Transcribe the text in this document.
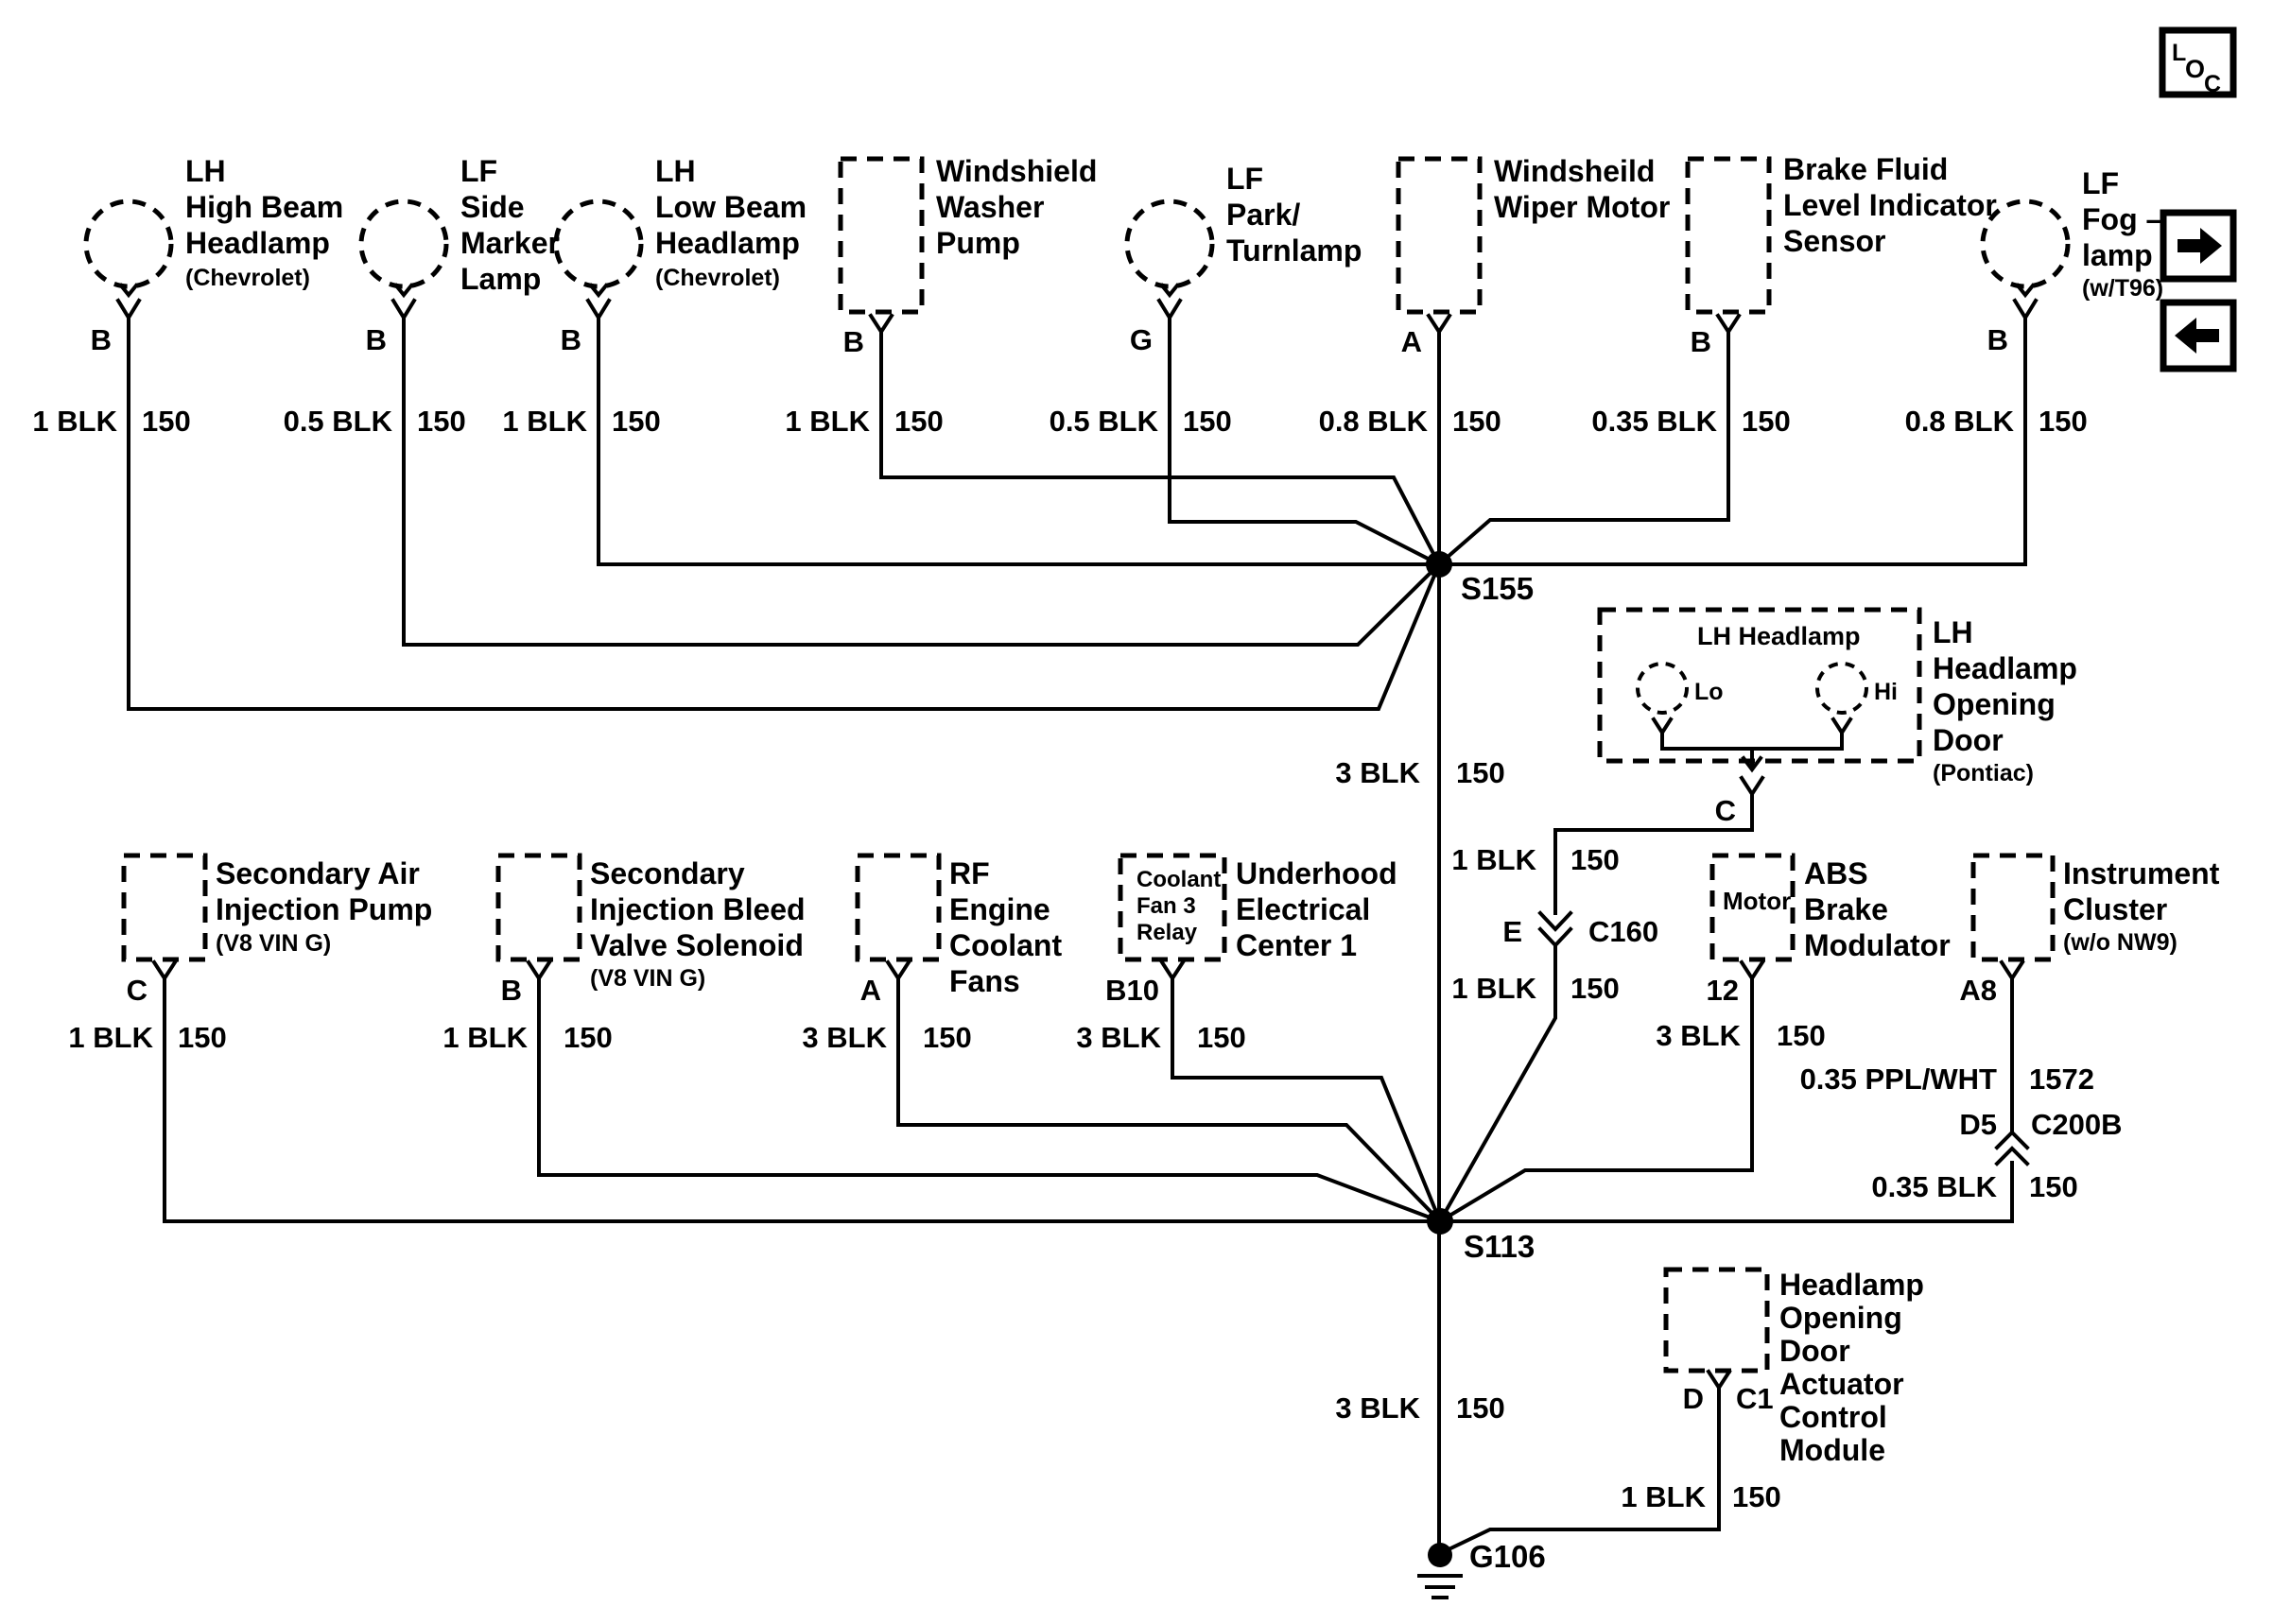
B
LH
High Beam
Headlamp
(Chevrolet)
1 BLK 150
B
LF
Side
Marker
Lamp
0.5 BLK 150
B
LH
Low Beam
Headlamp
(Chevrolet)
1 BLK 150
B
Windshield
Washer
Pump
1 BLK 150
G
LF
Park/
Turnlamp
0.5 BLK 150
A
Windsheild
Wiper Motor
0.8 BLK 150
B
Brake Fluid
Level Indicator
Sensor
0.35 BLK 150
B
LF
Fog –
lamp
(w/T96)
0.8 BLK 150
S155
3 BLK 150
LH Headlamp
Lo	Hi
C
LH
Headlamp
Opening
Door
(Pontiac)
1 BLK 150
E C160
1 BLK 150
C
Secondary Air
Injection Pump
(V8 VIN G)
1 BLK 150
B
Secondary
Injection Bleed
Valve Solenoid
(V8 VIN G)
1 BLK 150
A
RF
Engine
Coolant
Fans
3 BLK 150
Coolant
Fan 3
Relay
B10
Underhood
Electrical
Center 1
3 BLK 150
Motor
12
ABS
Brake
Modulator
3 BLK 150
A8
Instrument
Cluster
(w/o NW9)
0.35 PPL/WHT 1572
D5 C200B
0.35 BLK 150
S113
3 BLK 150	D C1
Headlamp
Opening
Door
Actuator
Control
Module
1 BLK 150
G106
L
O
C
